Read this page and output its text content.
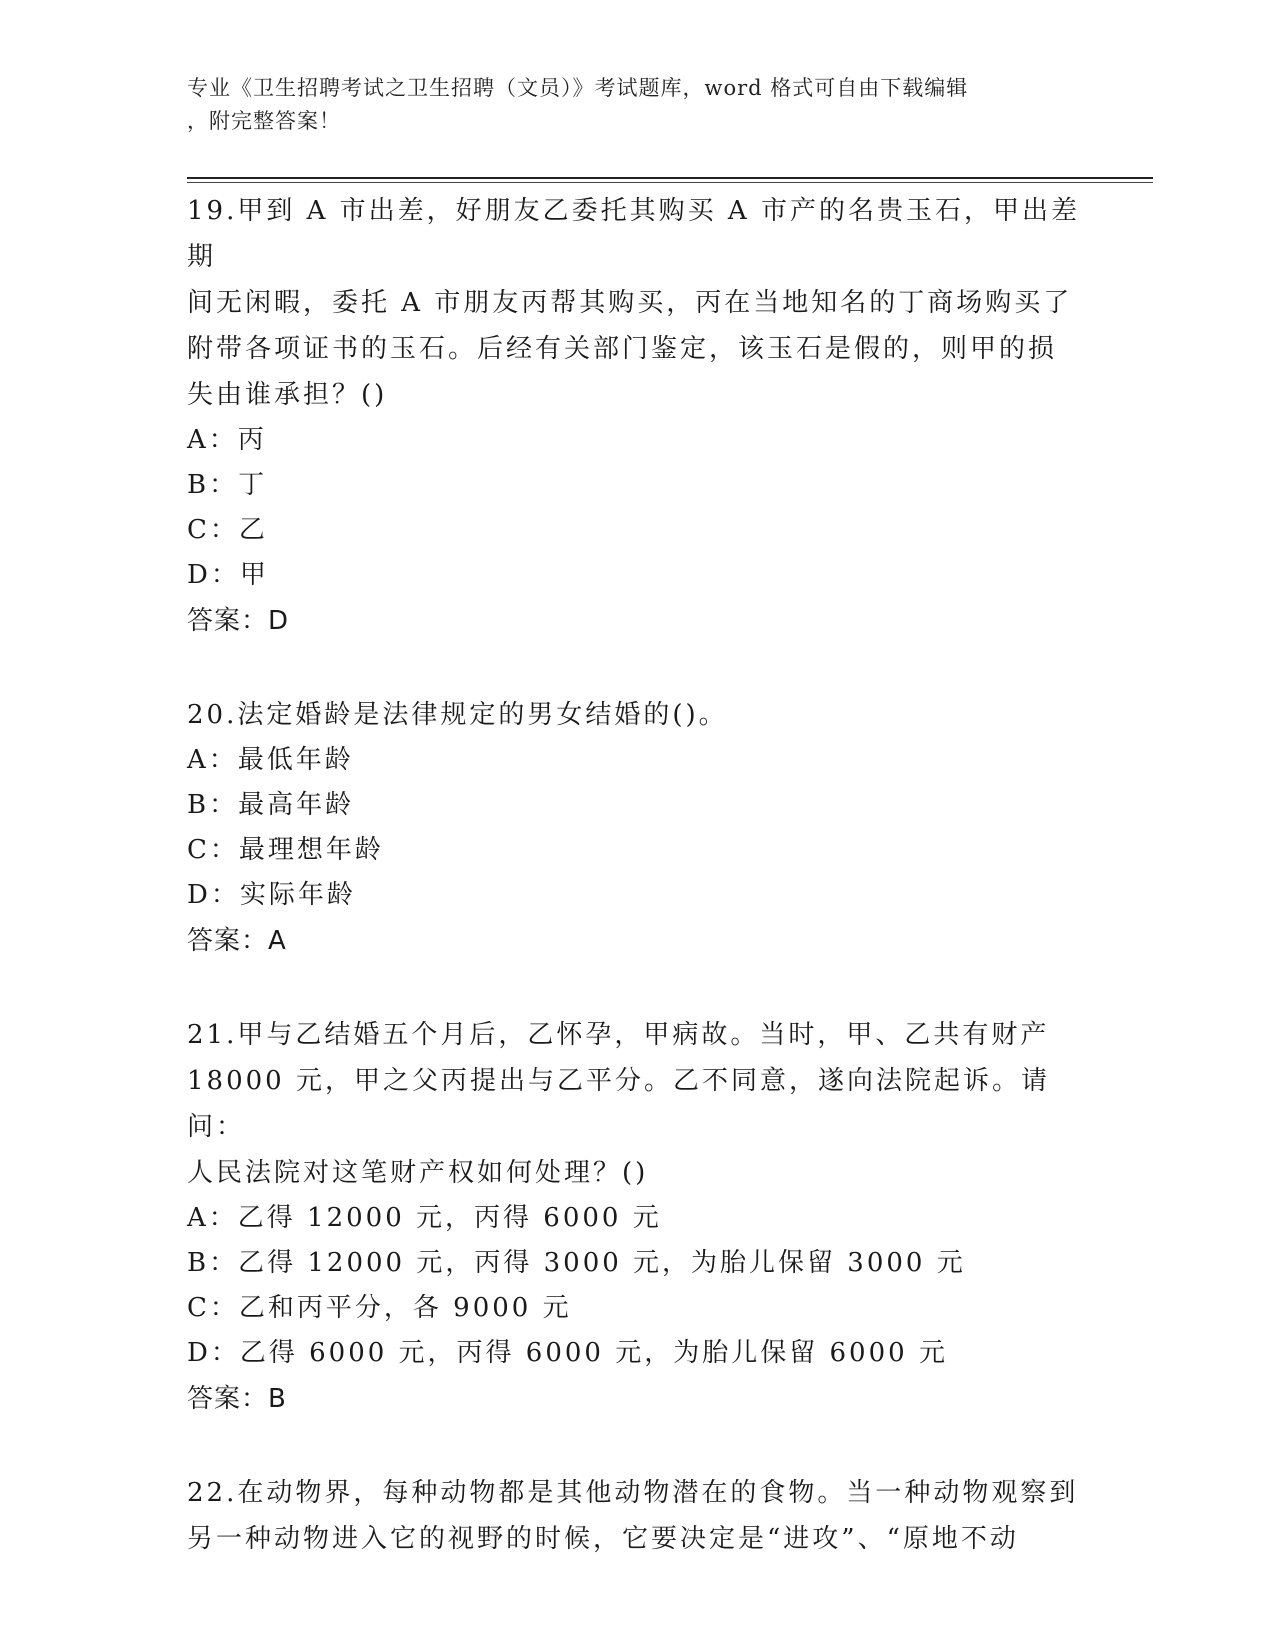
专业《卫生招聘考试之卫生招聘（文员）》考试题库，word 格式可自由下载编辑
，附完整答案！

19.甲到 A 市出差，好朋友乙委托其购买 A 市产的名贵玉石，甲出差期

间无闲暇，委托 A 市朋友丙帮其购买，丙在当地知名的丁商场购买了

附带各项证书的玉石。后经有关部门鉴定，该玉石是假的，则甲的损

失由谁承担？()

A：丙

B：丁

C：乙

D：甲

答案：D

20.法定婚龄是法律规定的男女结婚的()。

A：最低年龄

B：最高年龄

C：最理想年龄

D：实际年龄

答案：A

21.甲与乙结婚五个月后，乙怀孕，甲病故。当时，甲、乙共有财产

18000 元，甲之父丙提出与乙平分。乙不同意，遂向法院起诉。请问：

人民法院对这笔财产权如何处理？()

A：乙得 12000 元，丙得 6000 元

B：乙得 12000 元，丙得 3000 元，为胎儿保留 3000 元

C：乙和丙平分，各 9000 元

D：乙得 6000 元，丙得 6000 元，为胎儿保留 6000 元

答案：B

22.在动物界，每种动物都是其他动物潜在的食物。当一种动物观察到

另一种动物进入它的视野的时候，它要决定是“进攻”、“原地不动
